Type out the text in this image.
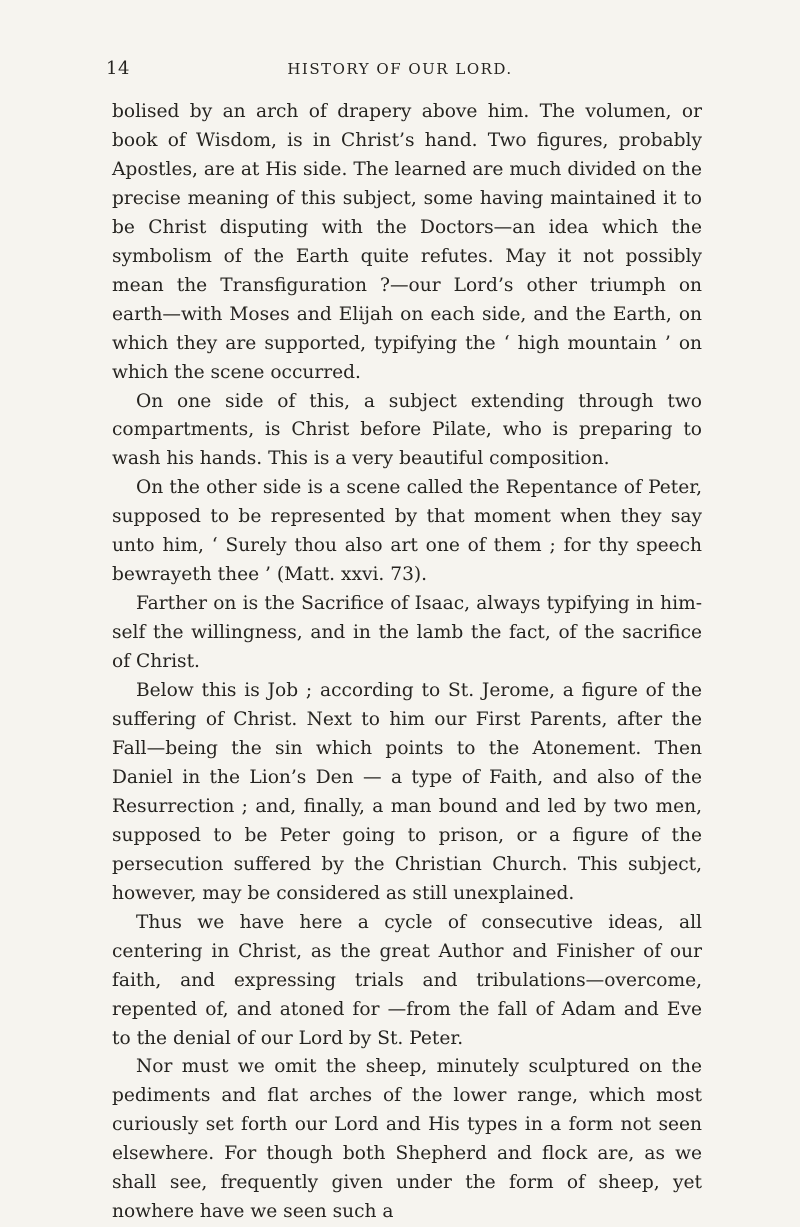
14	HISTORY OF OUR LORD.

bolised by an arch of drapery above him. The volumen, or book of Wisdom, is in Christ’s hand. Two figures, probably Apostles, are at His side. The learned are much divided on the precise meaning of this subject, some having maintained it to be Christ disputing with the Doctors—an idea which the symbolism of the Earth quite refutes. May it not possibly mean the Transfiguration ?—our Lord’s other triumph on earth—with Moses and Elijah on each side, and the Earth, on which they are supported, typifying the ‘ high mountain ’ on which the scene occurred.

On one side of this, a subject extending through two compartments, is Christ before Pilate, who is preparing to wash his hands. This is a very beautiful composition.

On the other side is a scene called the Repentance of Peter, supposed to be represented by that moment when they say unto him, ‘ Surely thou also art one of them ; for thy speech bewrayeth thee ’ (Matt. xxvi. 73).

Farther on is the Sacrifice of Isaac, always typifying in himself the willingness, and in the lamb the fact, of the sacrifice of Christ.

Below this is Job ; according to St. Jerome, a figure of the suffering of Christ. Next to him our First Parents, after the Fall—being the sin which points to the Atonement. Then Daniel in the Lion’s Den — a type of Faith, and also of the Resurrection ; and, finally, a man bound and led by two men, supposed to be Peter going to prison, or a figure of the persecution suffered by the Christian Church. This subject, however, may be considered as still unexplained.

Thus we have here a cycle of consecutive ideas, all centering in Christ, as the great Author and Finisher of our faith, and expressing trials and tribulations—overcome, repented of, and atoned for —from the fall of Adam and Eve to the denial of our Lord by St. Peter.

Nor must we omit the sheep, minutely sculptured on the pediments and flat arches of the lower range, which most curiously set forth our Lord and His types in a form not seen elsewhere. For though both Shepherd and flock are, as we shall see, frequently given under the form of sheep, yet nowhere have we seen such a
